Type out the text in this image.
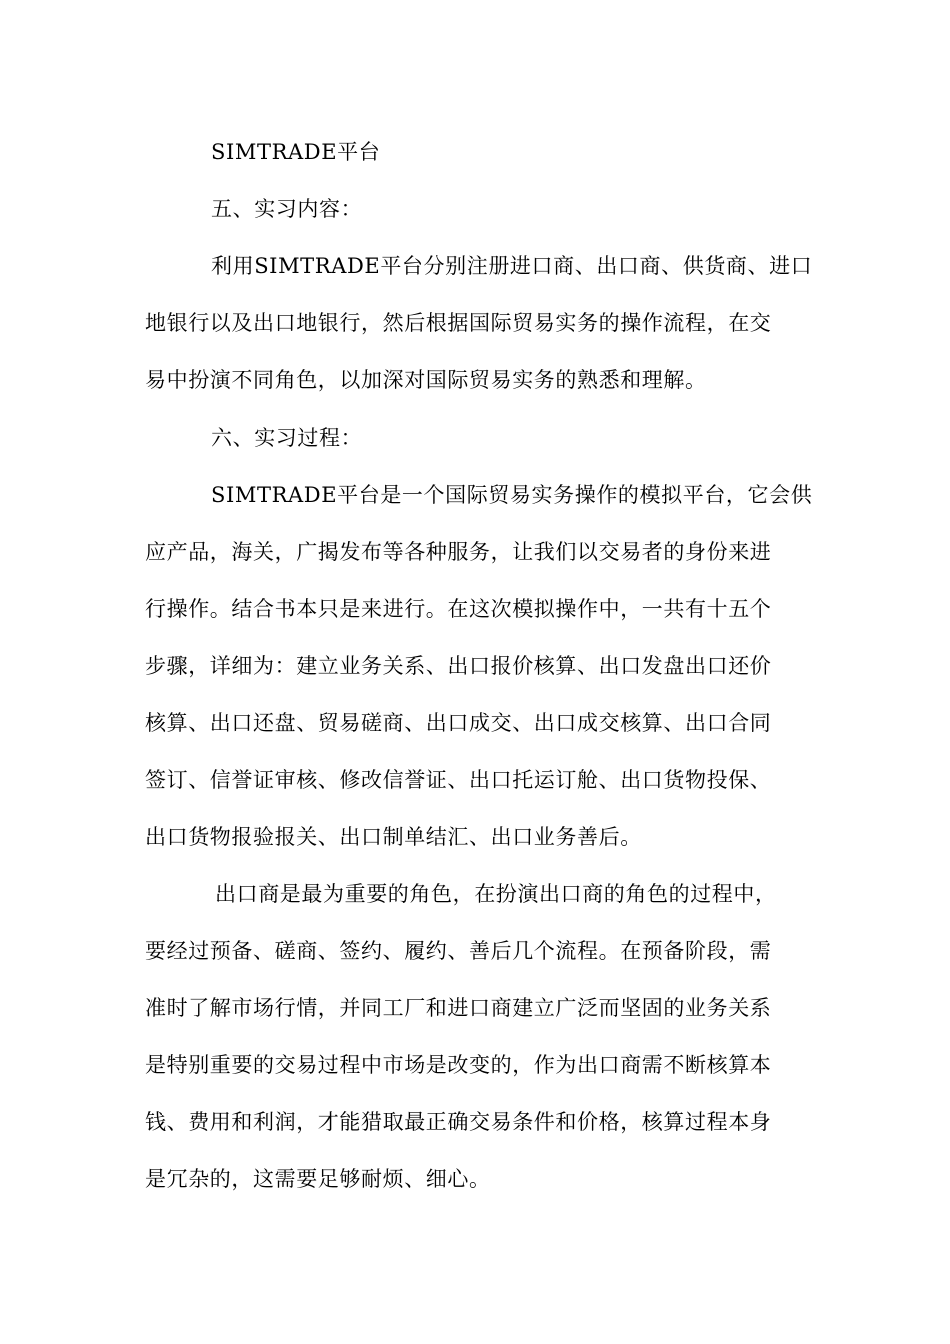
SIMTRADE平台
五、实习内容：
利用SIMTRADE平台分别注册进口商、出口商、供货商、进口
地银行以及出口地银行，然后根据国际贸易实务的操作流程，在交
易中扮演不同角色，以加深对国际贸易实务的熟悉和理解。
六、实习过程：
SIMTRADE平台是一个国际贸易实务操作的模拟平台，它会供
应产品，海关，广揭发布等各种服务，让我们以交易者的身份来进
行操作。结合书本只是来进行。在这次模拟操作中，一共有十五个
步骤，详细为：建立业务关系、出口报价核算、出口发盘出口还价
核算、出口还盘、贸易磋商、出口成交、出口成交核算、出口合同
签订、信誉证审核、修改信誉证、出口托运订舱、出口货物投保、
出口货物报验报关、出口制单结汇、出口业务善后。
出口商是最为重要的角色，在扮演出口商的角色的过程中，
要经过预备、磋商、签约、履约、善后几个流程。在预备阶段，需
准时了解市场行情，并同工厂和进口商建立广泛而坚固的业务关系
是特别重要的交易过程中市场是改变的，作为出口商需不断核算本
钱、费用和利润，才能猎取最正确交易条件和价格，核算过程本身
是冗杂的，这需要足够耐烦、细心。
